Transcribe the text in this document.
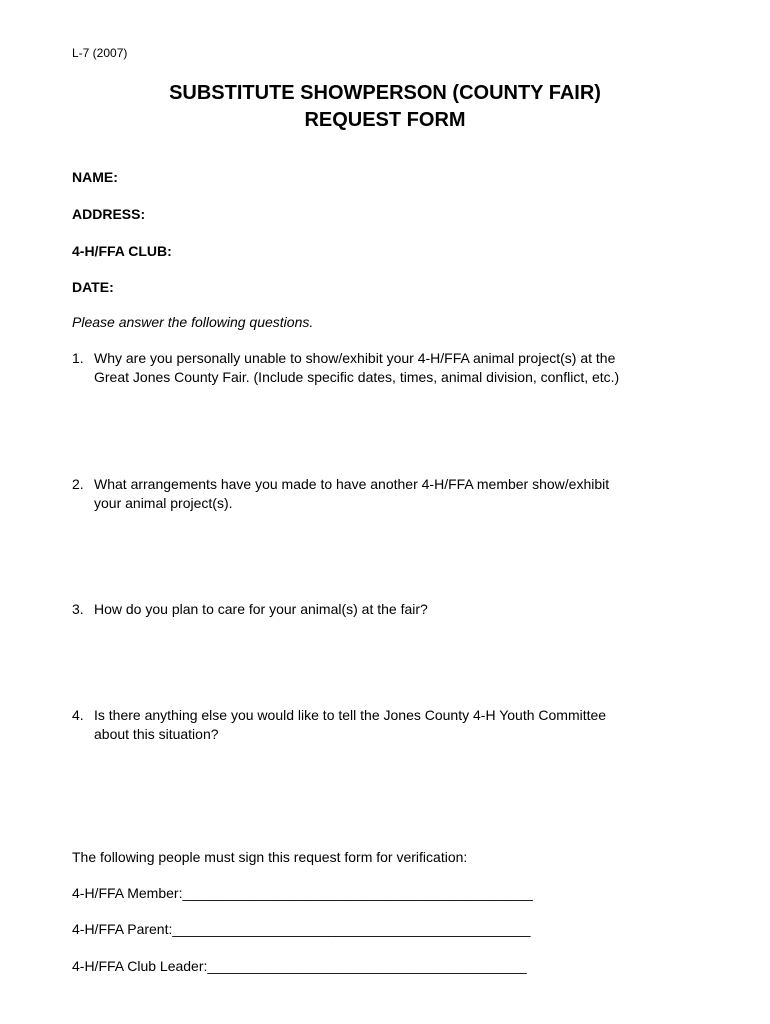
L-7 (2007)
SUBSTITUTE SHOWPERSON (COUNTY FAIR)
REQUEST FORM
NAME:
ADDRESS:
4-H/FFA CLUB:
DATE:
Please answer the following questions.
1. Why are you personally unable to show/exhibit your 4-H/FFA animal project(s) at the
Great Jones County Fair. (Include specific dates, times, animal division, conflict, etc.)
2. What arrangements have you made to have another 4-H/FFA member show/exhibit
your animal project(s).
3. How do you plan to care for your animal(s) at the fair?
4. Is there anything else you would like to tell the Jones County 4-H Youth Committee
about this situation?
The following people must sign this request form for verification:
4-H/FFA Member:_____________________________________________
4-H/FFA Parent:______________________________________________
4-H/FFA Club Leader:_________________________________________
